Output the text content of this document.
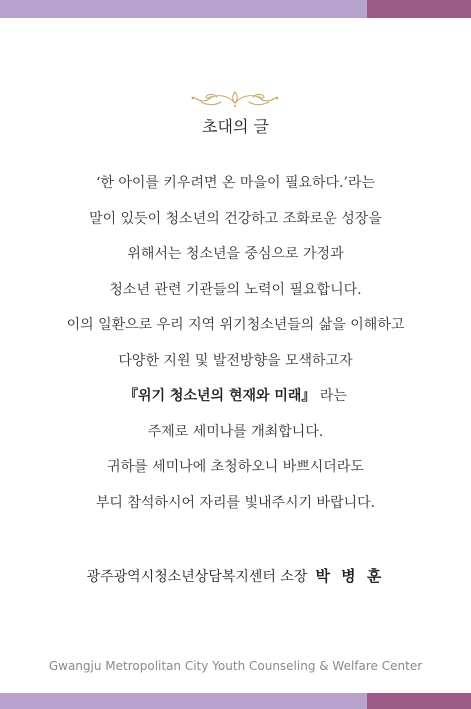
초대의 글
‘한 아이를 키우려면 온 마을이 필요하다.’라는
말이 있듯이 청소년의 건강하고 조화로운 성장을
위해서는 청소년을 중심으로 가정과
청소년 관련 기관들의 노력이 필요합니다.
이의 일환으로 우리 지역 위기청소년들의 삶을 이해하고
다양한 지원 및 발전방향을 모색하고자
『위기 청소년의 현재와 미래』 라는
주제로 세미나를 개최합니다.
귀하를 세미나에 초청하오니 바쁘시더라도
부디 참석하시어 자리를 빛내주시기 바랍니다.
광주광역시청소년상담복지센터 소장 박 병 훈
Gwangju Metropolitan City Youth Counseling & Welfare Center
